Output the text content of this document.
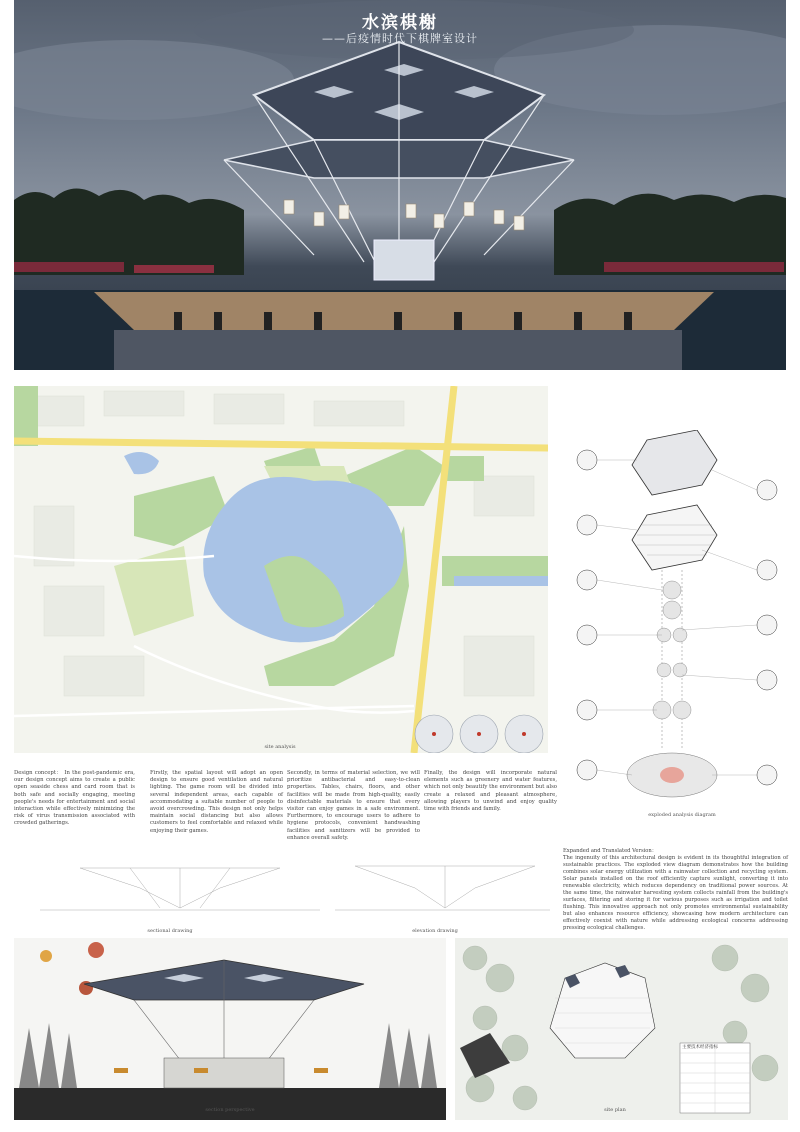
水滨棋榭
——后疫情时代下棋牌室设计
site analysis
Design concept： In the post-pandemic era, our design concept aims to create a public open seaside chess and card room that is both safe and socially engaging, meeting people's needs for entertainment and social interaction while effectively minimizing the risk of virus transmission associated with crowded gatherings.
Firstly, the spatial layout will adopt an open design to ensure good ventilation and natural lighting. The game room will be divided into several independent areas, each capable of accommodating a suitable number of people to avoid overcrowding. This design not only helps maintain social distancing but also allows customers to feel comfortable and relaxed while enjoying their games.
Secondly, in terms of material selection, we will prioritize antibacterial and easy-to-clean properties. Tables, chairs, floors, and other facilities will be made from high-quality, easily disinfectable materials to ensure that every visitor can enjoy games in a safe environment. Furthermore, to encourage users to adhere to hygiene protocols, convenient handwashing facilities and sanitizers will be provided to enhance overall safety.
Finally, the design will incorporate natural elements such as greenery and water features, which not only beautify the environment but also create a relaxed and pleasant atmosphere, allowing players to unwind and enjoy quality time with friends and family.
exploded analysis diagram
Expanded and Translated Version：
The ingenuity of this architectural design is evident in its thoughtful integration of sustainable practices. The exploded view diagram demonstrates how the building combines solar energy utilization with a rainwater collection and recycling system. Solar panels installed on the roof efficiently capture sunlight, converting it into renewable electricity, which reduces dependency on traditional power sources. At the same time, the rainwater harvesting system collects rainfall from the building's surfaces, filtering and storing it for various purposes such as irrigation and toilet flushing. This innovative approach not only promotes environmental sustainability but also enhances resource efficiency, showcasing how modern architecture can effectively coexist with nature while addressing ecological concerns addressing pressing ecological challenges.
sectional drawing	elevation drawing
section perspective
主要技术经济指标
site plan
